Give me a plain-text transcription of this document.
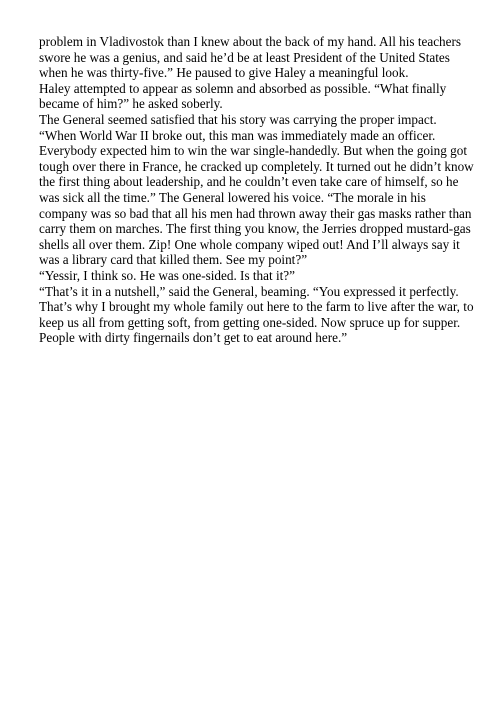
problem in Vladivostok than I knew about the back of my hand. All his teachers swore he was a genius, and said he’d be at least President of the United States when he was thirty-five.” He paused to give Haley a meaningful look.

Haley attempted to appear as solemn and absorbed as possible. “What finally became of him?” he asked soberly.

The General seemed satisfied that his story was carrying the proper impact. “When World War II broke out, this man was immediately made an officer. Everybody expected him to win the war single-handedly. But when the going got tough over there in France, he cracked up completely. It turned out he didn’t know the first thing about leadership, and he couldn’t even take care of himself, so he was sick all the time.” The General lowered his voice. “The morale in his company was so bad that all his men had thrown away their gas masks rather than carry them on marches. The first thing you know, the Jerries dropped mustard-gas shells all over them. Zip! One whole company wiped out! And I’ll always say it was a library card that killed them. See my point?”

“Yessir, I think so. He was one-sided. Is that it?”

“That’s it in a nutshell,” said the General, beaming. “You expressed it perfectly. That’s why I brought my whole family out here to the farm to live after the war, to keep us all from getting soft, from getting one-sided. Now spruce up for supper. People with dirty fingernails don’t get to eat around here.”
